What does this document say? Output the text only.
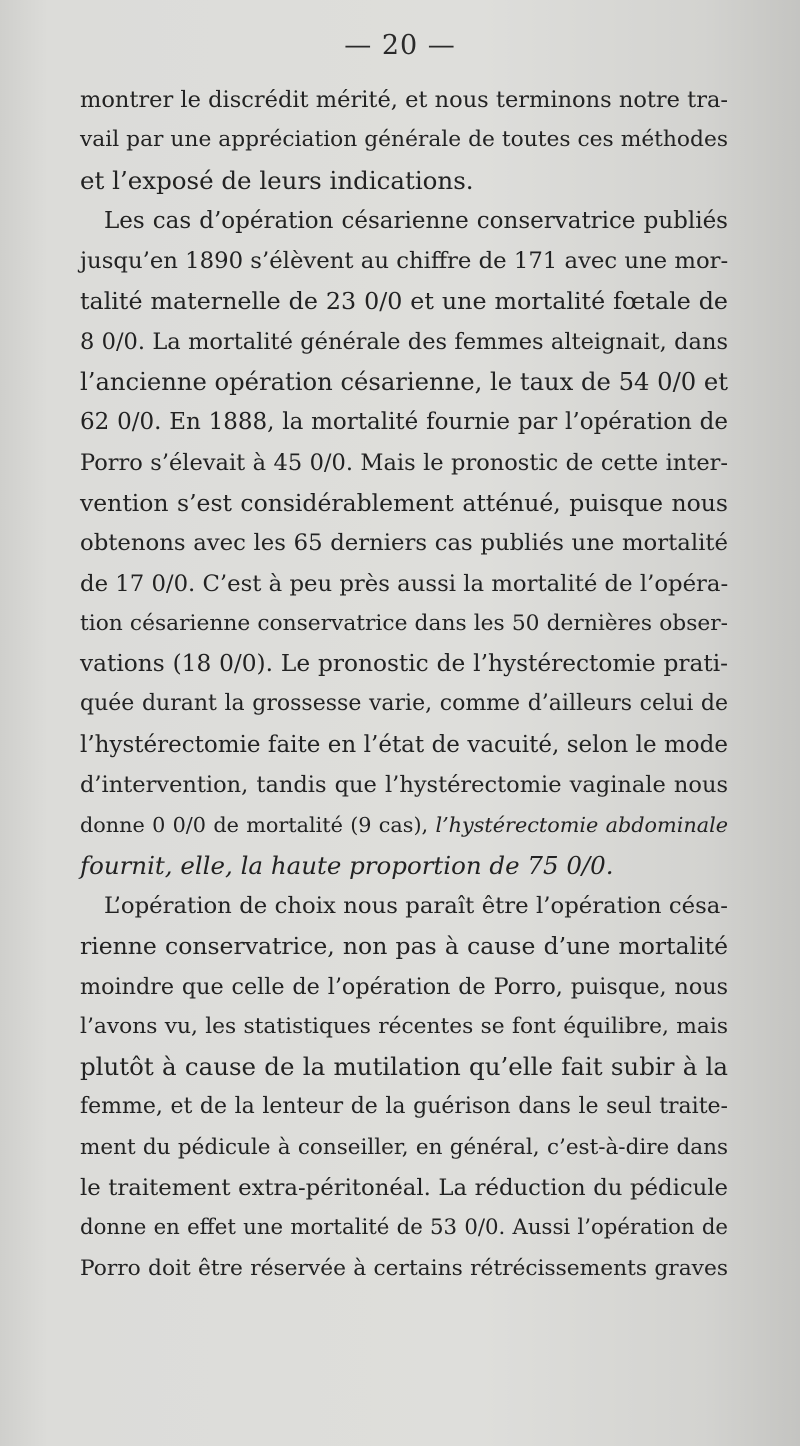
— 20 —
montrer le discrédit mérité, et nous terminons notre tra-
vail par une appréciation générale de toutes ces méthodes
et l’exposé de leurs indications.
Les cas d’opération césarienne conservatrice publiés
jusqu’en 1890 s’élèvent au chiffre de 171 avec une mor-
talité maternelle de 23 0/0 et une mortalité fœtale de
8 0/0. La mortalité générale des femmes alteignait, dans
l’ancienne opération césarienne, le taux de 54 0/0 et
62 0/0. En 1888, la mortalité fournie par l’opération de
Porro s’élevait à 45 0/0. Mais le pronostic de cette inter-
vention s’est considérablement atténué, puisque nous
obtenons avec les 65 derniers cas publiés une mortalité
de 17 0/0. C’est à peu près aussi la mortalité de l’opéra-
tion césarienne conservatrice dans les 50 dernières obser-
vations (18 0/0). Le pronostic de l’hystérectomie prati-
quée durant la grossesse varie, comme d’ailleurs celui de
l’hystérectomie faite en l’état de vacuité, selon le mode
d’intervention, tandis que l’hystérectomie vaginale nous
donne 0 0/0 de mortalité (9 cas), l’hystérectomie abdominale
fournit, elle, la haute proportion de 75 0/0.
L’opération de choix nous paraît être l’opération césa-
rienne conservatrice, non pas à cause d’une mortalité
moindre que celle de l’opération de Porro, puisque, nous
l’avons vu, les statistiques récentes se font équilibre, mais
plutôt à cause de la mutilation qu’elle fait subir à la
femme, et de la lenteur de la guérison dans le seul traite-
ment du pédicule à conseiller, en général, c’est-à-dire dans
le traitement extra-péritonéal. La réduction du pédicule
donne en effet une mortalité de 53 0/0. Aussi l’opération de
Porro doit être réservée à certains rétrécissements graves
